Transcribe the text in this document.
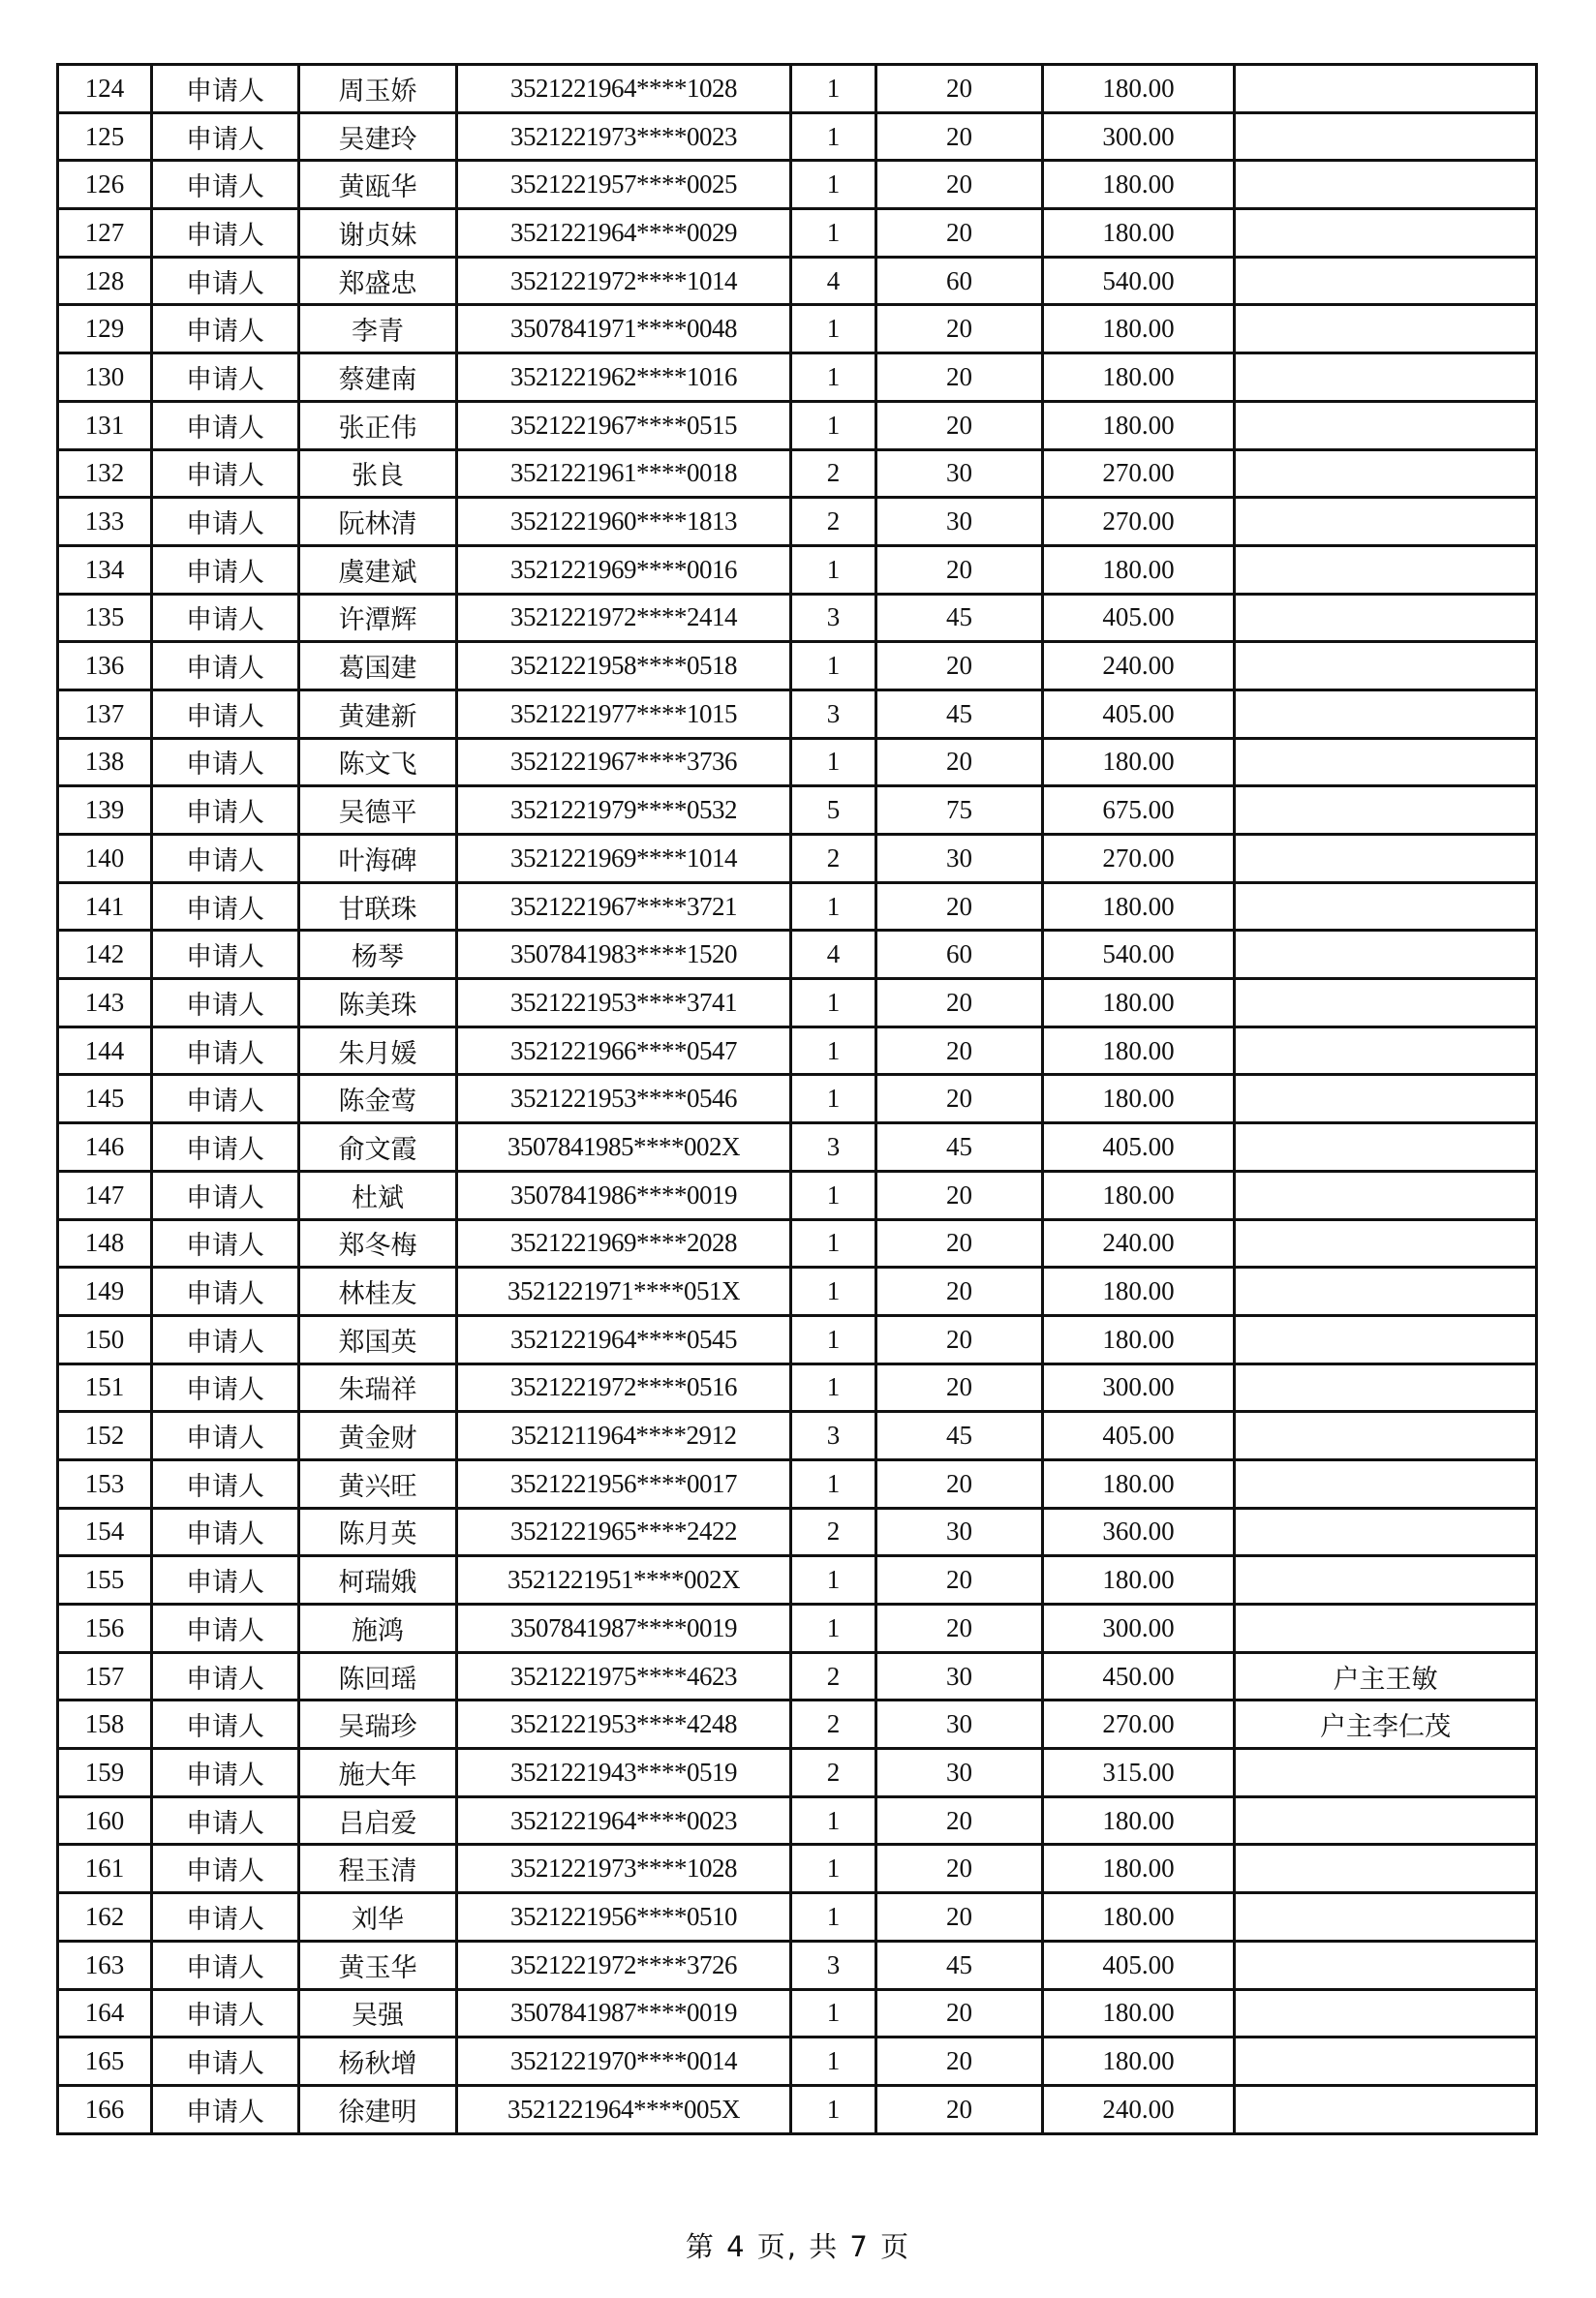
124	申请人	周玉娇	3521221964****1028	1	20	180.00	
125	申请人	吴建玲	3521221973****0023	1	20	300.00	
126	申请人	黄瓯华	3521221957****0025	1	20	180.00	
127	申请人	谢贞妹	3521221964****0029	1	20	180.00	
128	申请人	郑盛忠	3521221972****1014	4	60	540.00	
129	申请人	李青	3507841971****0048	1	20	180.00	
130	申请人	蔡建南	3521221962****1016	1	20	180.00	
131	申请人	张正伟	3521221967****0515	1	20	180.00	
132	申请人	张良	3521221961****0018	2	30	270.00	
133	申请人	阮林清	3521221960****1813	2	30	270.00	
134	申请人	虞建斌	3521221969****0016	1	20	180.00	
135	申请人	许潭辉	3521221972****2414	3	45	405.00	
136	申请人	葛国建	3521221958****0518	1	20	240.00	
137	申请人	黄建新	3521221977****1015	3	45	405.00	
138	申请人	陈文飞	3521221967****3736	1	20	180.00	
139	申请人	吴德平	3521221979****0532	5	75	675.00	
140	申请人	叶海碑	3521221969****1014	2	30	270.00	
141	申请人	甘联珠	3521221967****3721	1	20	180.00	
142	申请人	杨琴	3507841983****1520	4	60	540.00	
143	申请人	陈美珠	3521221953****3741	1	20	180.00	
144	申请人	朱月媛	3521221966****0547	1	20	180.00	
145	申请人	陈金莺	3521221953****0546	1	20	180.00	
146	申请人	俞文霞	3507841985****002X	3	45	405.00	
147	申请人	杜斌	3507841986****0019	1	20	180.00	
148	申请人	郑冬梅	3521221969****2028	1	20	240.00	
149	申请人	林桂友	3521221971****051X	1	20	180.00	
150	申请人	郑国英	3521221964****0545	1	20	180.00	
151	申请人	朱瑞祥	3521221972****0516	1	20	300.00	
152	申请人	黄金财	3521211964****2912	3	45	405.00	
153	申请人	黄兴旺	3521221956****0017	1	20	180.00	
154	申请人	陈月英	3521221965****2422	2	30	360.00	
155	申请人	柯瑞娥	3521221951****002X	1	20	180.00	
156	申请人	施鸿	3507841987****0019	1	20	300.00	
157	申请人	陈回瑶	3521221975****4623	2	30	450.00	户主王敏
158	申请人	吴瑞珍	3521221953****4248	2	30	270.00	户主李仁茂
159	申请人	施大年	3521221943****0519	2	30	315.00	
160	申请人	吕启爱	3521221964****0023	1	20	180.00	
161	申请人	程玉清	3521221973****1028	1	20	180.00	
162	申请人	刘华	3521221956****0510	1	20	180.00	
163	申请人	黄玉华	3521221972****3726	3	45	405.00	
164	申请人	吴强	3507841987****0019	1	20	180.00	
165	申请人	杨秋增	3521221970****0014	1	20	180.00	
166	申请人	徐建明	3521221964****005X	1	20	240.00	
第 4 页, 共 7 页
